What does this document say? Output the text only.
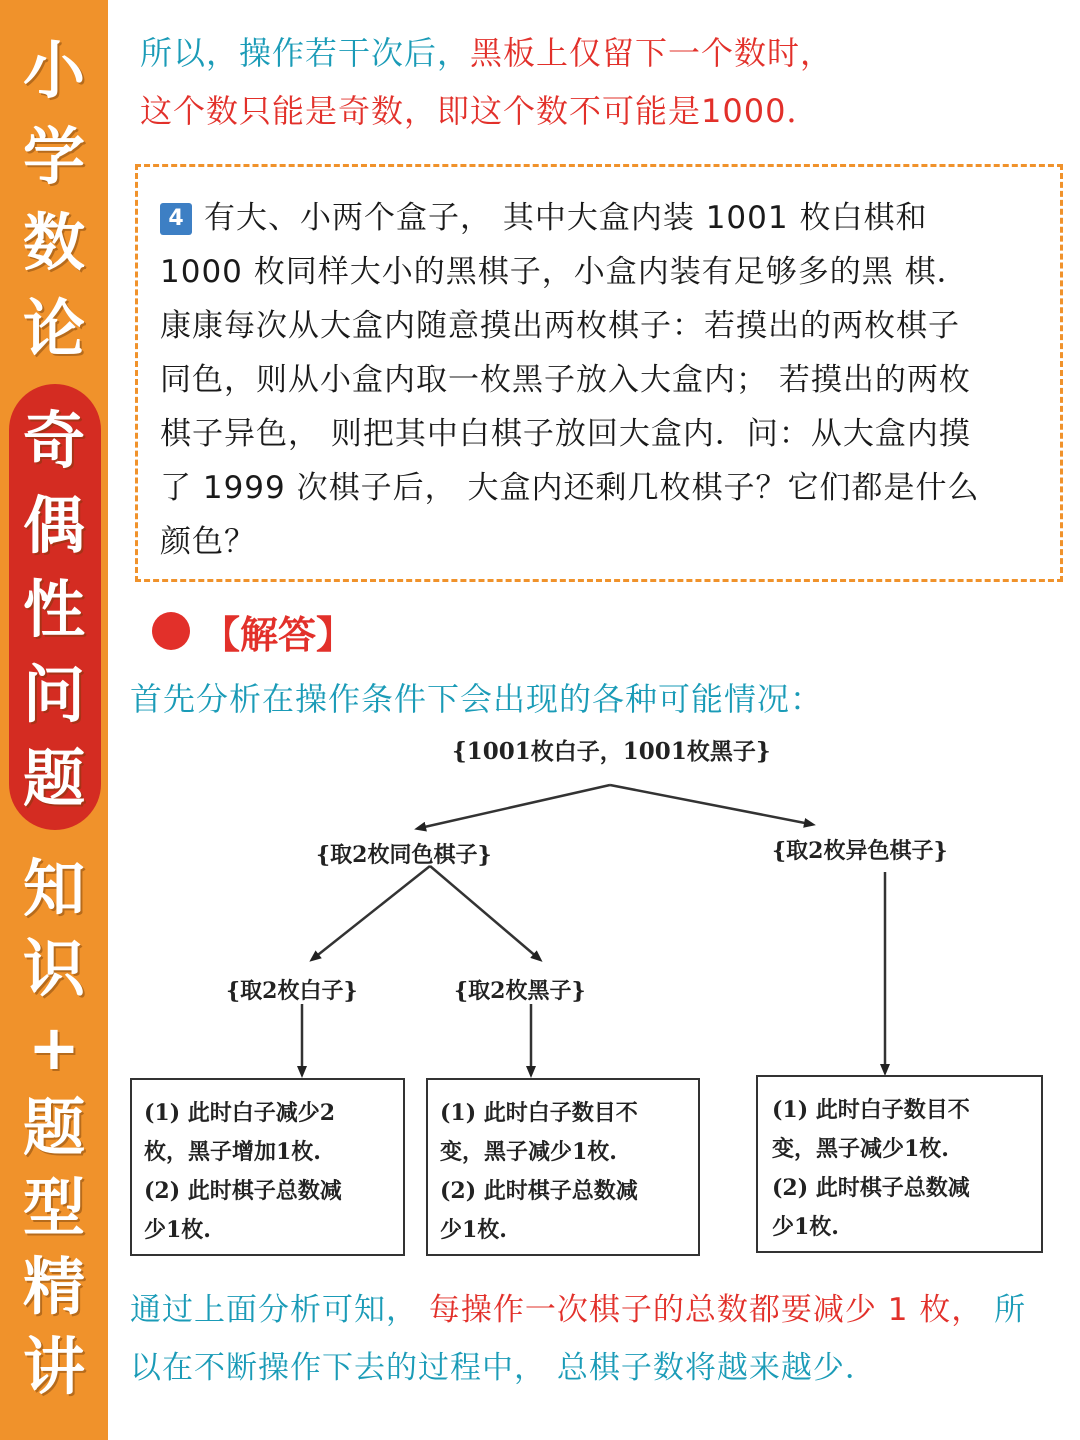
小
学
数
论
奇
偶
性
问
题
知
识
+
题
型
精
讲

所以，操作若干次后，黑板上仅留下一个数时，

这个数只能是奇数，即这个数不可能是1000．

4 有大、小两个盒子， 其中大盒内装 1001 枚白棋和
1000 枚同样大小的黑棋子，小盒内装有足够多的黑 棋．
康康每次从大盒内随意摸出两枚棋子：若摸出的两枚棋子
同色，则从小盒内取一枚黑子放入大盒内； 若摸出的两枚
棋子异色， 则把其中白棋子放回大盒内．问：从大盒内摸
了 1999 次棋子后， 大盒内还剩几枚棋子？它们都是什么
颜色？

【解答】

首先分析在操作条件下会出现的各种可能情况：

{1001枚白子，1001枚黑子}

{取2枚同色棋子}	{取2枚异色棋子}

{取2枚白子}	{取2枚黑子}

(1) 此时白子减少2

枚，黑子增加1枚.

(2) 此时棋子总数减

少1枚.

(1) 此时白子数目不

变，黑子减少1枚.

(2) 此时棋子总数减

少1枚.

(1) 此时白子数目不

变，黑子减少1枚.

(2) 此时棋子总数减

少1枚.

通过上面分析可知， 每操作一次棋子的总数都要减少 1 枚， 所

以在不断操作下去的过程中， 总棋子数将越来越少．
